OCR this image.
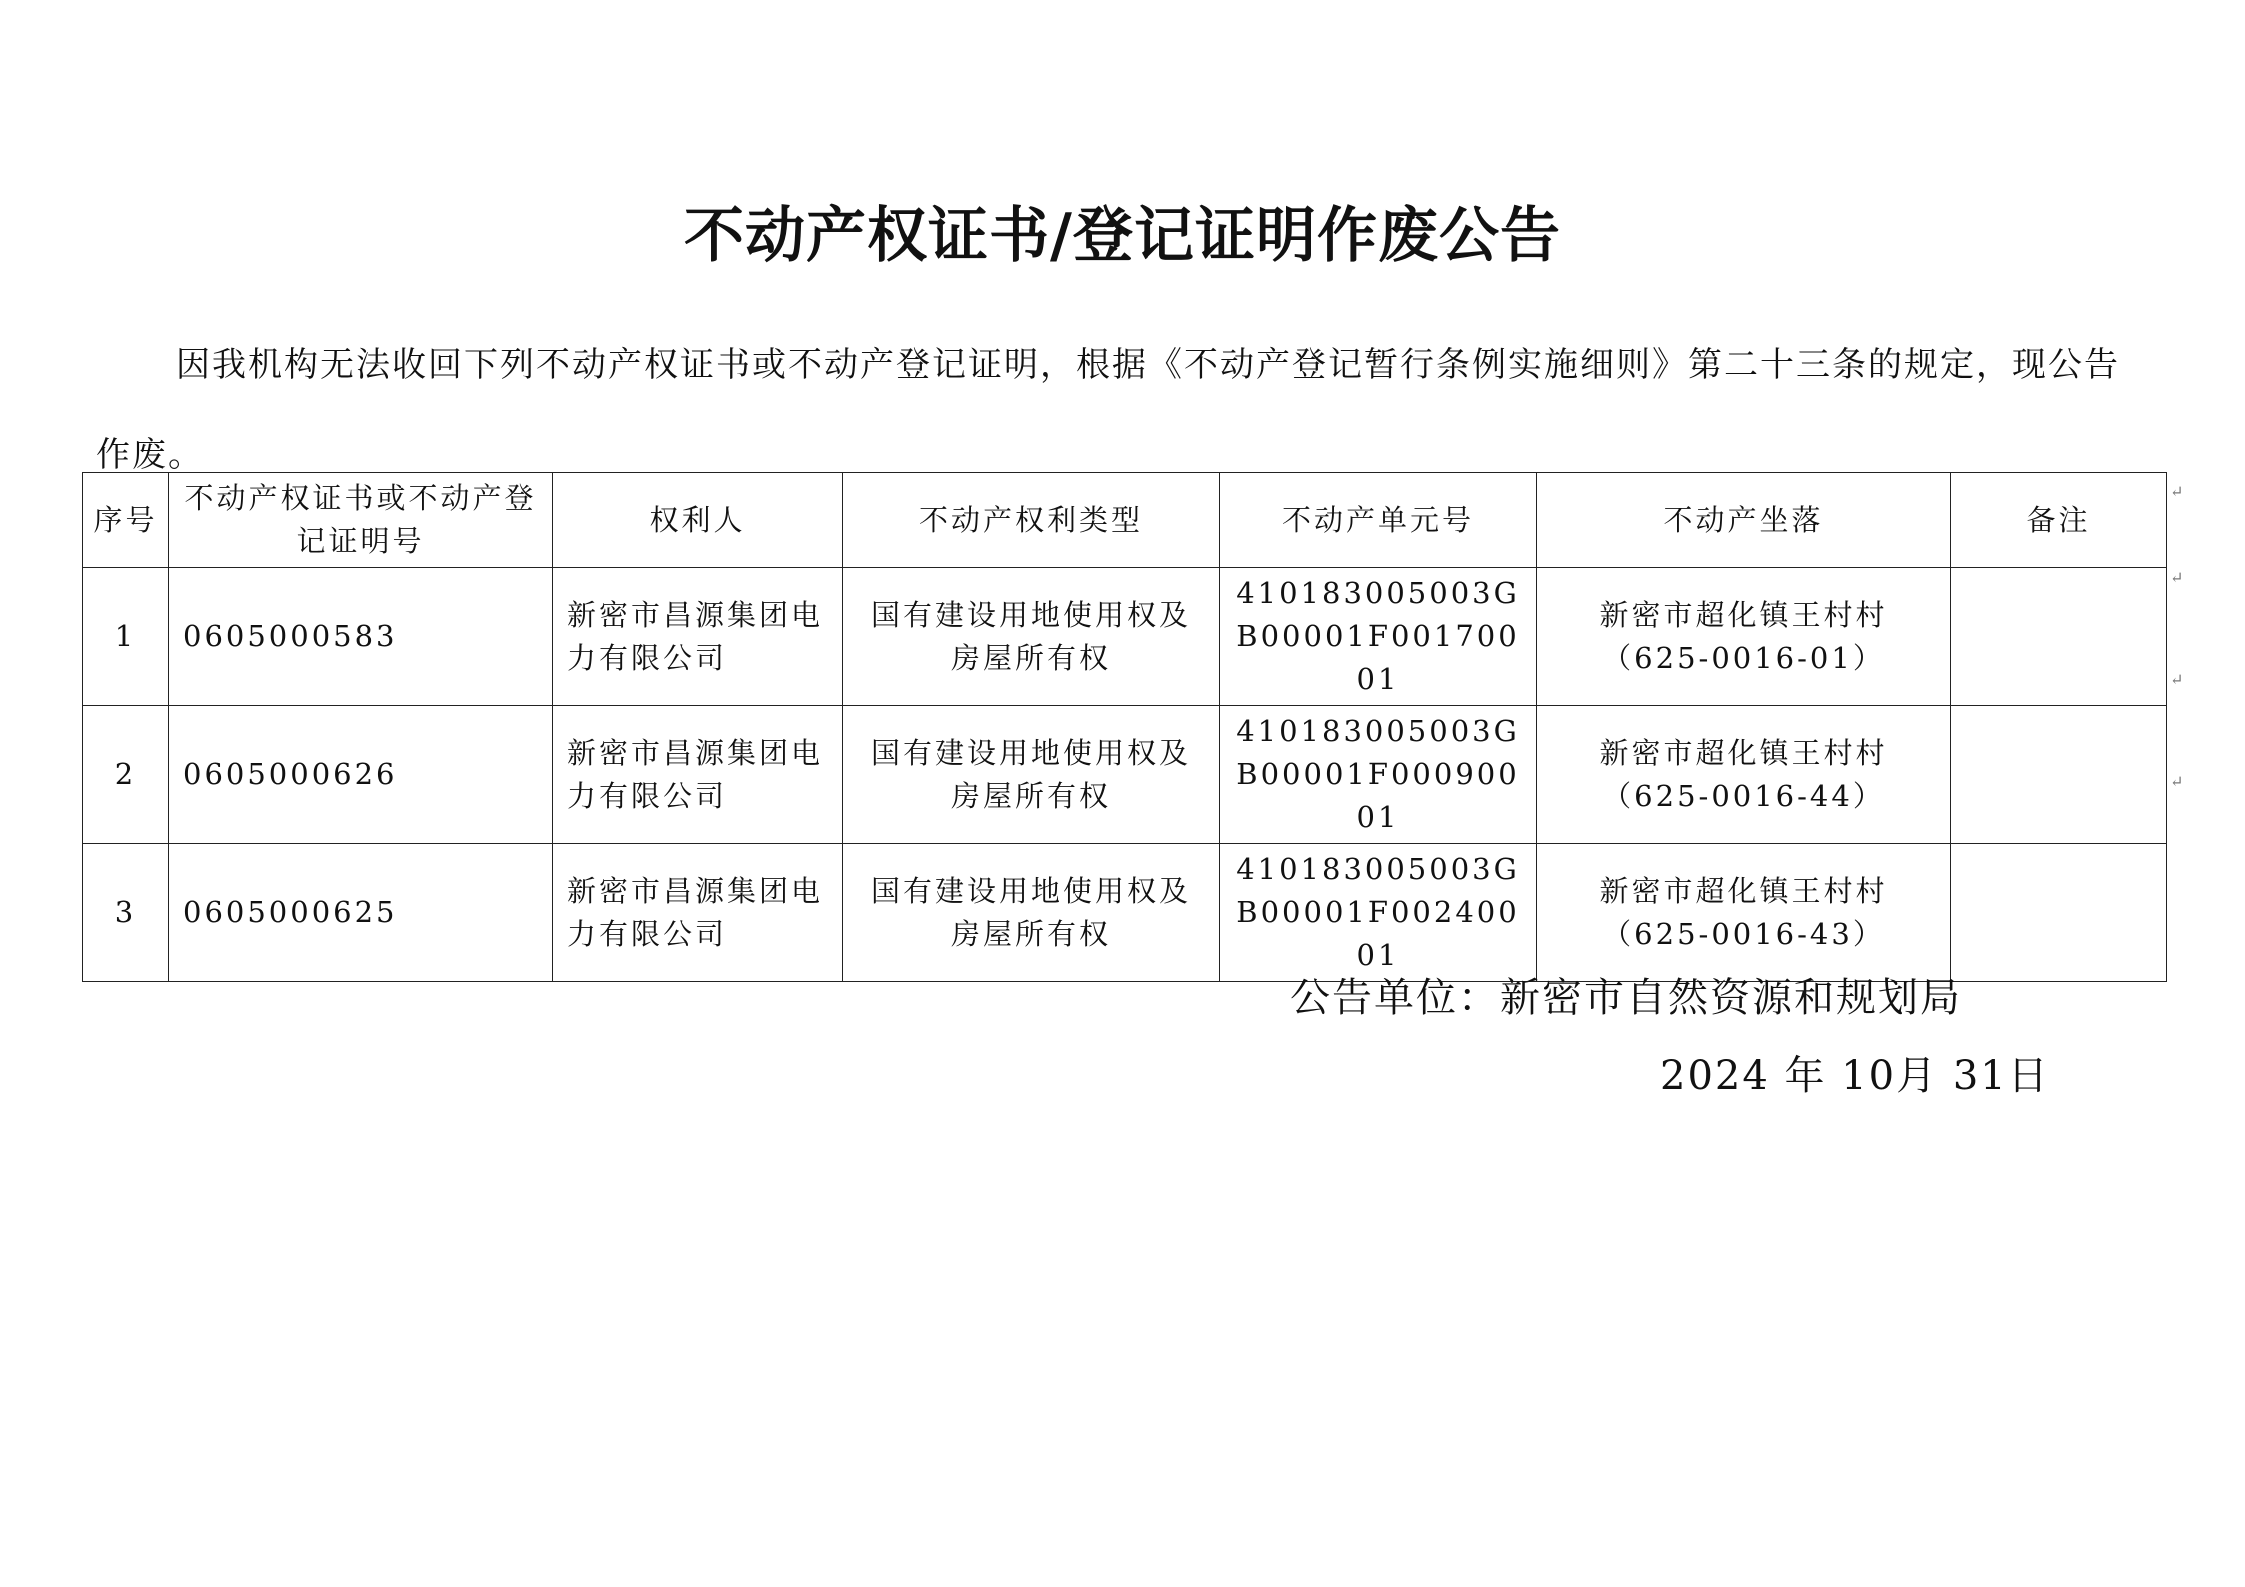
不动产权证书/登记证明作废公告
因我机构无法收回下列不动产权证书或不动产登记证明，根据《不动产登记暂行条例实施细则》第二十三条的规定，现公告作废。
序号	不动产权证书或不动产登记证明号	权利人	不动产权利类型	不动产单元号	不动产坐落	备注
1	0605000583	新密市昌源集团电力有限公司	国有建设用地使用权及房屋所有权	410183005003GB00001F00170001	新密市超化镇王村村（625-0016-01）	
2	0605000626	新密市昌源集团电力有限公司	国有建设用地使用权及房屋所有权	410183005003GB00001F00090001	新密市超化镇王村村（625-0016-44）	
3	0605000625	新密市昌源集团电力有限公司	国有建设用地使用权及房屋所有权	410183005003GB00001F00240001	新密市超化镇王村村（625-0016-43）	
↵
↵
↵
↵
公告单位：新密市自然资源和规划局
2024 年 10月 31日
